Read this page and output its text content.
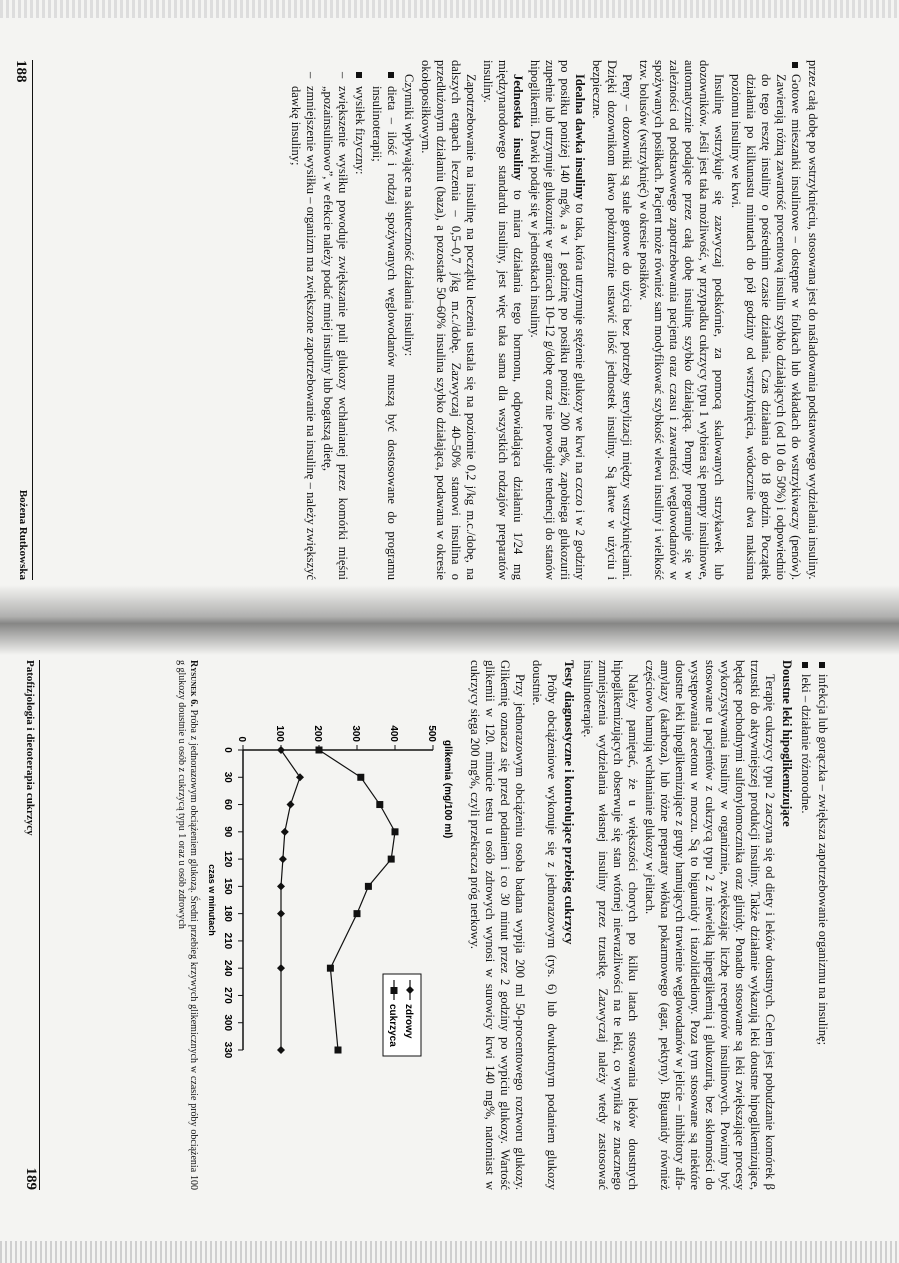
przez całą dobę po wstrzyknięciu, stosowana jest do naśladowania podstawowego wydzielania insuliny.

Gotowe mieszanki insulinowe – dostępne w fiolkach lub wkładach do wstrzykiwaczy (penów). Zawierają różną zawartość procentową insulin szybko działających (od 10 do 50%) i odpowiednio do tego resztę insuliny o pośrednim czasie działania. Czas działania do 18 godzin. Początek działania po kilkunastu minutach do pół godziny od wstrzyknięcia, wódocznie dwa maksima poziomu insuliny we krwi.

Insulinę wstrzykuje się zazwyczaj podskórnie, za pomocą skalowanych strzykawek lub dozowników. Jeśli jest taka możliwość, w przypadku cukrzycy typu 1 wybiera się pompy insulinowe, automatycznie podające przez całą dobę insulinę szybko działającą. Pompy programuje się w zależności od podstawowego zapotrzebowania pacjenta oraz czasu i zawartości węglowodanów w spożywanych posiłkach. Pacjent może również sam modyfikować szybkość wlewu insuliny i wielkość tzw. bolusów (wstrzyknięć) w okresie posiłków.

Peny – dozowniki są stale gotowe do użycia bez potrzeby sterylizacji między wstrzyknięciami. Dzięki dozownikom łatwo położnutcznie ustawić ilość jednostek insuliny. Są łatwe w użyciu i bezpieczne.

Idealna dawka insuliny to taka, która utrzymuje stężenie glukozy we krwi na czczo i w 2 godziny po posiłku poniżej 140 mg%, a w 1 godzinę po posiłku poniżej 200 mg%, zapobiega glukozurii zupełnie lub utrzymuje glukozurię w granicach 10–12 g/dobę oraz nie powoduje tendencji do stanów hipoglikemii. Dawki podaje się w jednostkach insuliny.

Jednostka insuliny to miara działania tego hormonu, odpowiadająca działaniu 1/24 mg międzynarodowego standardu insuliny, jest więc taka sama dla wszystkich rodzajów preparatów insuliny.

Zapotrzebowanie na insulinę na początku leczenia ustala się na poziomie 0,2 j/kg m.c./dobę, na dalszych etapach leczenia – 0,5–0,7 j/kg m.c./dobę. Zazwyczaj 40–50% stanowi insulina o przedłużonym działaniu (baza), a pozostałe 50–60% insulina szybko działająca, podawana w okresie okołoposiłkowym.

Czynniki wpływające na skuteczność działania insuliny:

dieta – ilość i rodzaj spożywanych węglowodanów muszą być dostosowane do programu insulinoterapii;
wysiłek fizyczny:
– zwiększenie wysiłku powoduje zwiększanie puli glukozy wchłanianej przez komórki mięśni „pozainsulinowo”, w efekcie należy podać mniej insuliny lub bogatszą dietę,
– zmniejszenie wysiłku – organizm ma zwiększone zapotrzebowanie na insulinę – należy zwiększyć dawkę insuliny;
188
Bożena Rutkowska
infekcja lub gorączka – zwiększa zapotrzebowanie organizmu na insulinę;
leki – działanie różnorodne.
Doustne leki hipoglikemizujące

Terapię cukrzycy typu 2 zaczyna się od diety i leków doustnych. Celem jest pobudzanie komórek β trzustki do aktywniejszej produkcji insuliny. Także działanie wykazują leki doustne hipoglikemizujące, będące pochodnymi sulfonylomocznika oraz glinidy. Ponadto stosowane są leki zwiększające procesy wykorzystywania insuliny w organizmie, zwiększając liczbę receptorów insulinowych. Powinny być stosowane u pacjentów z cukrzycą typu 2 z niewielką hiperglikemią i glukozurią, bez skłonności do występowania acetonu w moczu. Są to biguanidy i tiazolidiediony. Poza tym stosowane są niektóre doustne leki hipoglikemizujące z grupy hamujących trawienie węglowodanów w jelicie – inhibitory alfa-amylazy (akarboza), lub różne preparaty włókna pokarmowego (agar, pektyny). Biguanidy również częściowo hamują wchłanianie glukozy w jelitach.

Należy pamiętać, że u większości chorych po kilku latach stosowania leków doustnych hipoglikemizujących obserwuje się stan wtórnej niewrażliwości na te leki, co wynika ze znacznego zmniejszenia wydzielania własnej insuliny przez trzustkę. Zazwyczaj należy wtedy zastosować insulinoterapię.

Testy diagnostyczne i kontrolujące przebieg cukrzycy

Próby obciążeniowe wykonuje się z jednorazowym (rys. 6) lub dwukrotnym podaniem glukozy doustnie.

Przy jednorazowym obciążeniu osoba badana wypija 200 ml 50-procentowego roztworu glukozy. Glikemię oznacza się przed podaniem i co 30 minut przez 2 godziny po wypiciu glukozy. Wartość glikemii w 120. minucie testu u osób zdrowych wynosi w surowicy krwi 140 mg%, natomiast w cukrzycy sięga 200 mg%, czyli przekracza próg nerkowy.

glikemia (mg/100 ml)
0	100	200	300	400	500
0
30
60
90
120
150
180
210
240
270
300
330
czas w minutach
zdrowy
cukrzyca
Rysunek 6. Próba z jednorazowym obciążeniem glukozą. Średni przebieg krzywych glikemicznych w czasie próby obciążenia 100 g glukozy doustnie u osób z cukrzycą typu 1 oraz u osób zdrowych
Patofizjologia i dietoterapia cukrzycy
189
